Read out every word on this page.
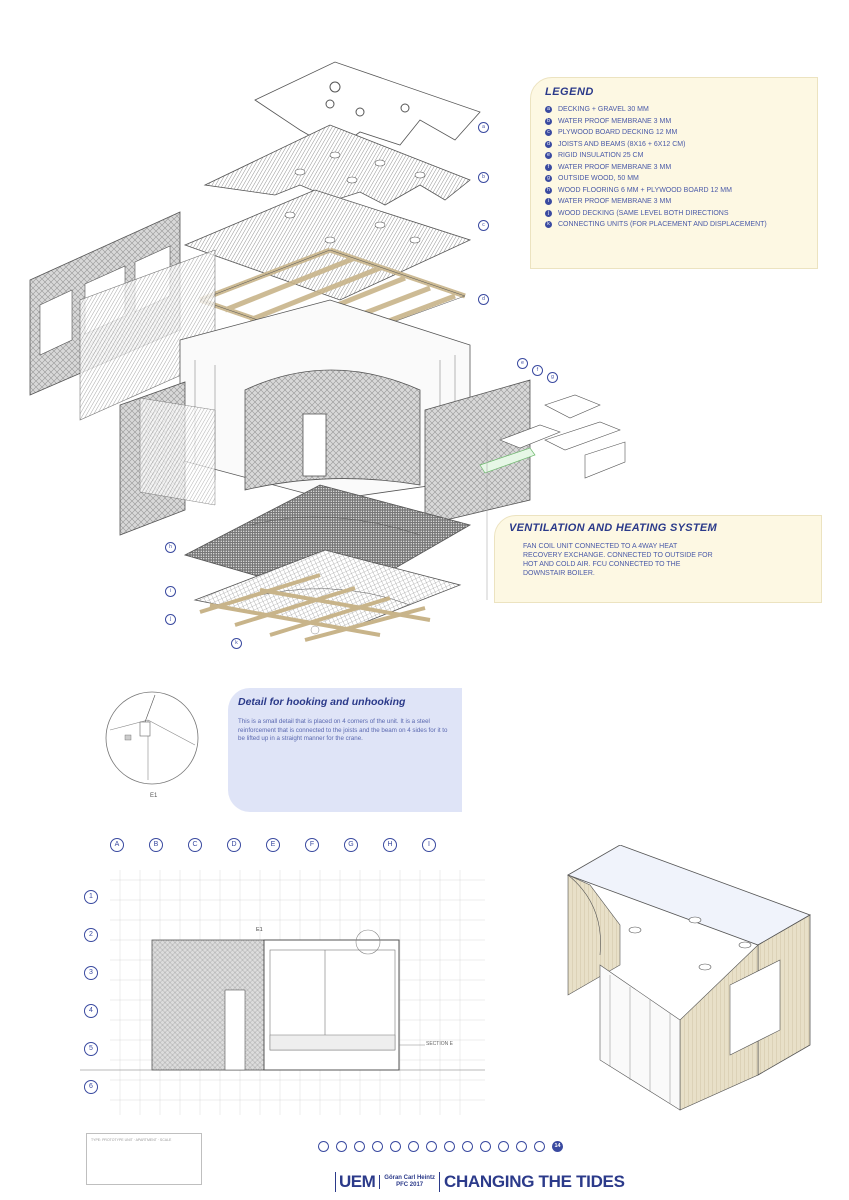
a
b
c
d
e
f
g
h
i
j
k
LEGEND
a	DECKING + GRAVEL 30 MM
b	WATER PROOF MEMBRANE 3 MM
c	PLYWOOD BOARD DECKING 12 MM
d	JOISTS AND BEAMS (8X16 + 6X12 CM)
e	RIGID INSULATION 25 CM
f	WATER PROOF MEMBRANE 3 MM
g	OUTSIDE WOOD, 50 MM
h	WOOD FLOORING 6 MM + PLYWOOD BOARD 12 MM
i	WATER PROOF MEMBRANE 3 MM
j	WOOD DECKING (SAME LEVEL BOTH DIRECTIONS
k	CONNECTING UNITS (FOR PLACEMENT AND DISPLACEMENT)
VENTILATION AND HEATING SYSTEM

FAN COIL UNIT CONNECTED TO A 4WAY HEAT RECOVERY EXCHANGE. CONNECTED TO OUTSIDE FOR HOT AND COLD AIR. FCU CONNECTED TO THE DOWNSTAIR BOILER.

E1
Detail for hooking and unhooking

This is a small detail that is placed on 4 corners of the unit. It is a steel reinforcement that is connected to the joists and the beam on 4 sides for it to be lifted up in a straight manner for the crane.

A	B	C	D	E	F	G	H	I
1
2
3
4
5
6
SECTION E
E1
TYPE: PROTOTYPE UNIT · APARTMENT · SCALE
14
UEM	Göran Carl Heintz
PFC 2017	CHANGING THE TIDES
